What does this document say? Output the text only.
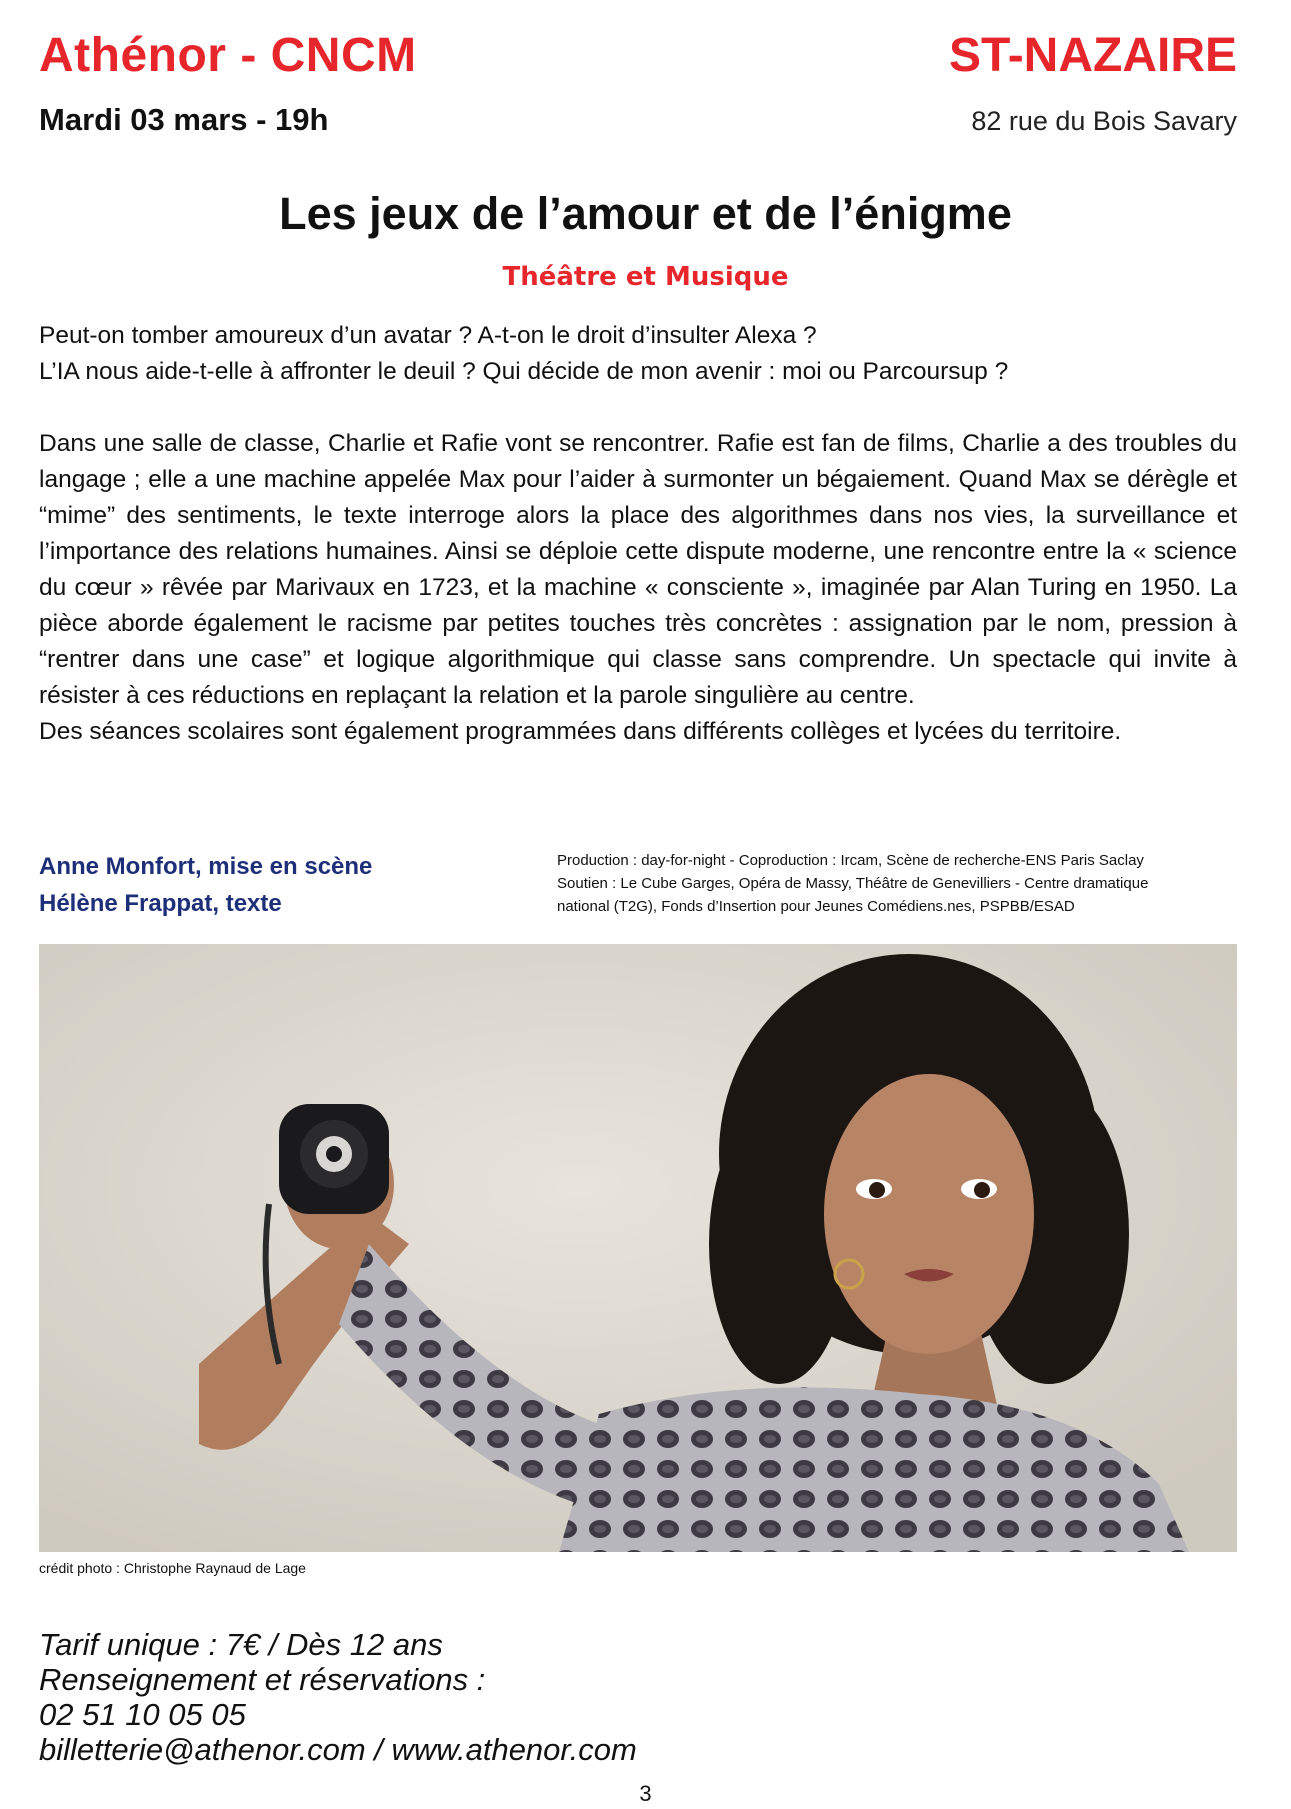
Athénor - CNCM	ST-NAZAIRE
Mardi 03 mars - 19h	82 rue du Bois Savary
Les jeux de l’amour et de l’énigme
Théâtre et Musique

Peut-on tomber amoureux d’un avatar ? A-t-on le droit d’insulter Alexa ?

L’IA nous aide-t-elle à affronter le deuil ? Qui décide de mon avenir : moi ou Parcoursup ?

Dans une salle de classe, Charlie et Rafie vont se rencontrer. Rafie est fan de films, Charlie a des troubles du langage ; elle a une machine appelée Max pour l’aider à surmonter un bégaiement. Quand Max se dérègle et “mime” des sentiments, le texte interroge alors la place des algorithmes dans nos vies, la surveillance et l’importance des relations humaines. Ainsi se déploie cette dispute moderne, une rencontre entre la « science du cœur » rêvée par Marivaux en 1723, et la machine « consciente », imaginée par Alan Turing en 1950. La pièce aborde également le racisme par petites touches très concrètes : assignation par le nom, pression à “rentrer dans une case” et logique algorithmique qui classe sans comprendre. Un spectacle qui invite à résister à ces réductions en replaçant la relation et la parole singulière au centre.

Des séances scolaires sont également programmées dans différents collèges et lycées du territoire.

Anne Monfort, mise en scène
Hélène Frappat, texte
Production : day-for-night - Coproduction : Ircam, Scène de recherche-ENS Paris Saclay
Soutien : Le Cube Garges, Opéra de Massy, Théâtre de Genevilliers - Centre dramatique
national (T2G), Fonds d’Insertion pour Jeunes Comédiens.nes, PSPBB/ESAD
crédit photo : Christophe Raynaud de Lage
Tarif unique : 7€ / Dès 12 ans
Renseignement et réservations :
02 51 10 05 05
billetterie@athenor.com / www.athenor.com
3
